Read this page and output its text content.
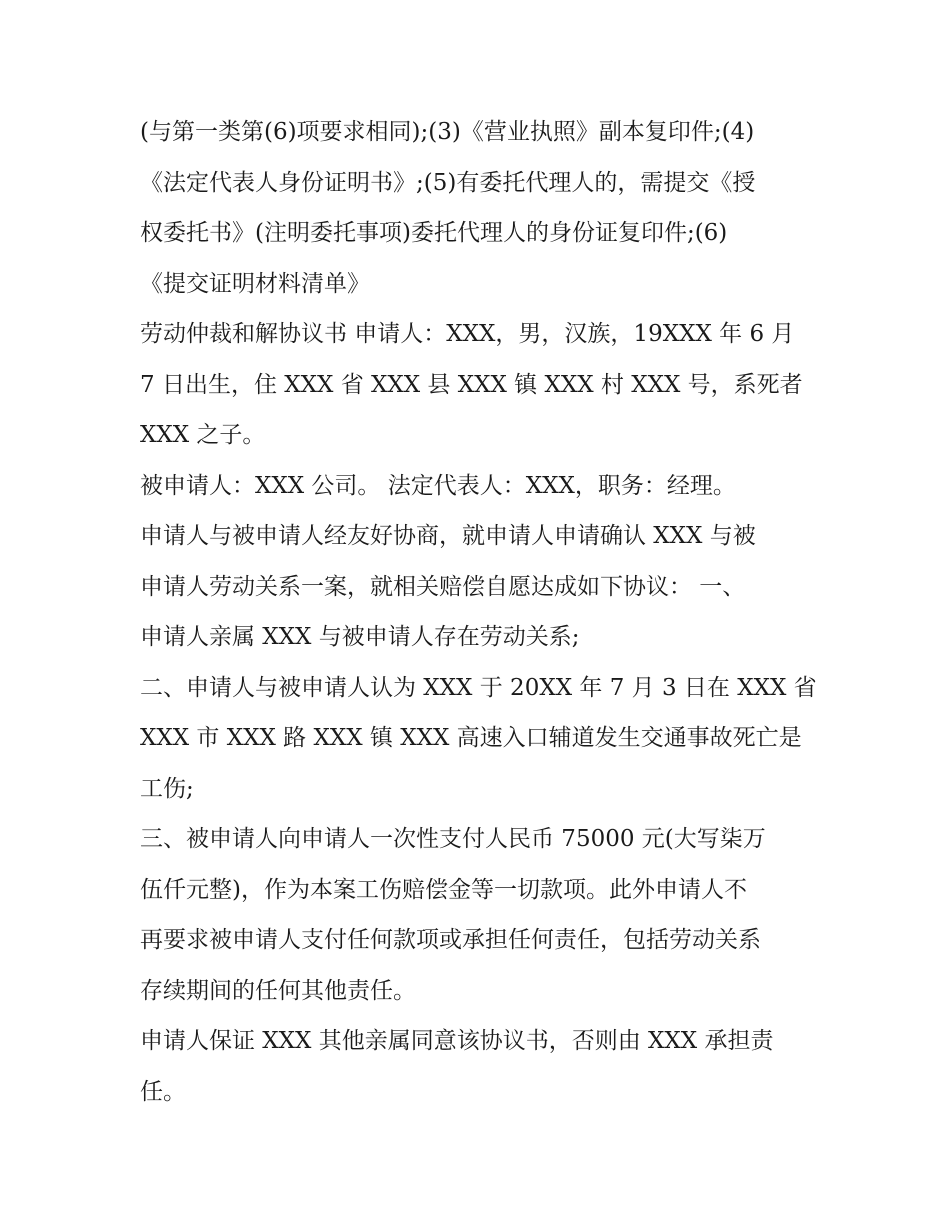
(与第一类第(6)项要求相同);(3)《营业执照》副本复印件;(4)
《法定代表人身份证明书》;(5)有委托代理人的，需提交《授
权委托书》(注明委托事项)委托代理人的身份证复印件;(6)
《提交证明材料清单》

劳动仲裁和解协议书 申请人：XXX，男，汉族，19XXX 年 6 月
7 日出生，住 XXX 省 XXX 县 XXX 镇 XXX 村 XXX 号，系死者
XXX 之子。

被申请人：XXX 公司。 法定代表人：XXX，职务：经理。

申请人与被申请人经友好协商，就申请人申请确认 XXX 与被
申请人劳动关系一案，就相关赔偿自愿达成如下协议： 一、
申请人亲属 XXX 与被申请人存在劳动关系;

二、申请人与被申请人认为 XXX 于 20XX 年 7 月 3 日在 XXX 省
XXX 市 XXX 路 XXX 镇 XXX 高速入口辅道发生交通事故死亡是
工伤;

三、被申请人向申请人一次性支付人民币 75000 元(大写柒万
伍仟元整)，作为本案工伤赔偿金等一切款项。此外申请人不
再要求被申请人支付任何款项或承担任何责任，包括劳动关系
存续期间的任何其他责任。

申请人保证 XXX 其他亲属同意该协议书，否则由 XXX 承担责
任。
